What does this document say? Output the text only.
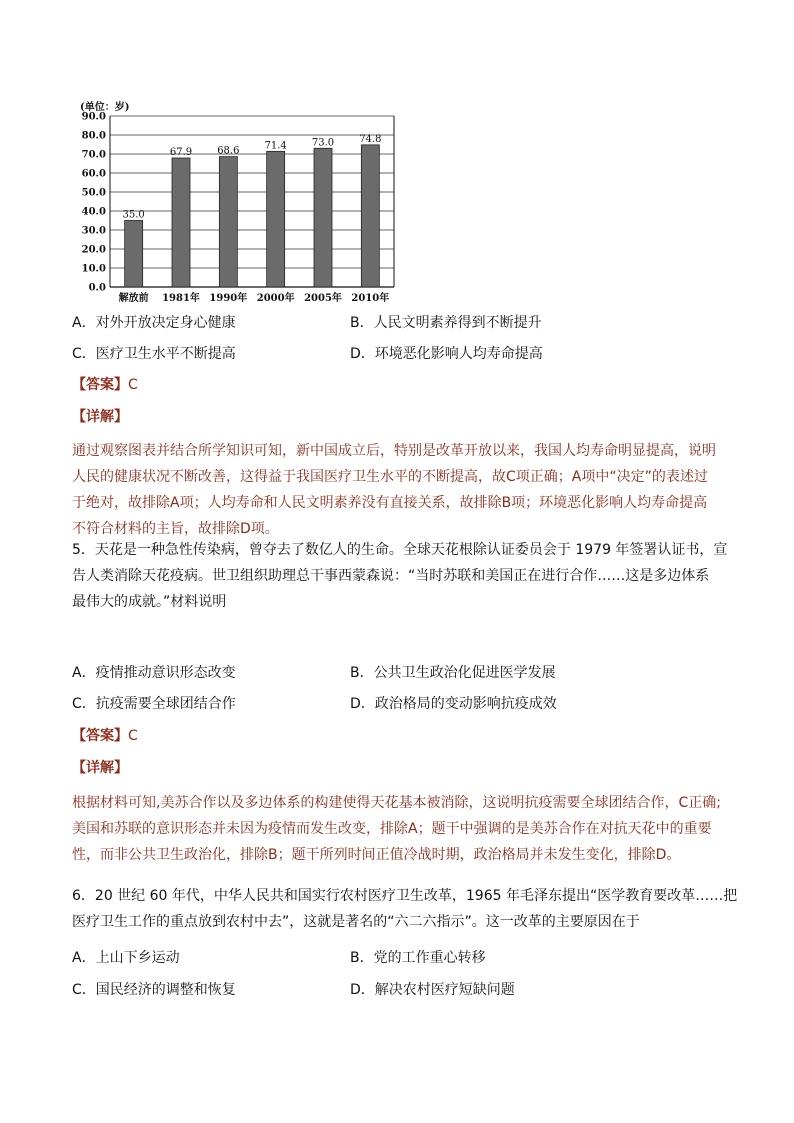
(单位：岁)
0.0
10.0
20.0
30.0
40.0
50.0
60.0
70.0
80.0
90.0
35.0
解放前
67.9
1981年
68.6
1990年
71.4
2000年
73.0
2005年
74.8
2010年
A．对外开放决定身心健康	B．人民文明素养得到不断提升
C．医疗卫生水平不断提高	D．环境恶化影响人均寿命提高
【答案】C
【详解】
通过观察图表并结合所学知识可知，新中国成立后，特别是改革开放以来，我国人均寿命明显提高，说明
人民的健康状况不断改善，这得益于我国医疗卫生水平的不断提高，故C项正确；A项中“决定”的表述过
于绝对，故排除A项；人均寿命和人民文明素养没有直接关系，故排除B项；环境恶化影响人均寿命提高
不符合材料的主旨，故排除D项。
5．天花是一种急性传染病，曾夺去了数亿人的生命。全球天花根除认证委员会于 1979 年签署认证书，宣
告人类消除天花疫病。世卫组织助理总干事西蒙森说：“当时苏联和美国正在进行合作……这是多边体系
最伟大的成就。”材料说明
A．疫情推动意识形态改变	B．公共卫生政治化促进医学发展
C．抗疫需要全球团结合作	D．政治格局的变动影响抗疫成效
【答案】C
【详解】
根据材料可知,美苏合作以及多边体系的构建使得天花基本被消除，这说明抗疫需要全球团结合作，C正确;
美国和苏联的意识形态并未因为疫情而发生改变，排除A；题干中强调的是美苏合作在对抗天花中的重要
性，而非公共卫生政治化，排除B；题干所列时间正值冷战时期，政治格局并未发生变化，排除D。
6．20 世纪 60 年代，中华人民共和国实行农村医疗卫生改革，1965 年毛泽东提出“医学教育要改革……把
医疗卫生工作的重点放到农村中去”，这就是著名的“六二六指示”。这一改革的主要原因在于
A．上山下乡运动	B．党的工作重心转移
C．国民经济的调整和恢复	D．解决农村医疗短缺问题
